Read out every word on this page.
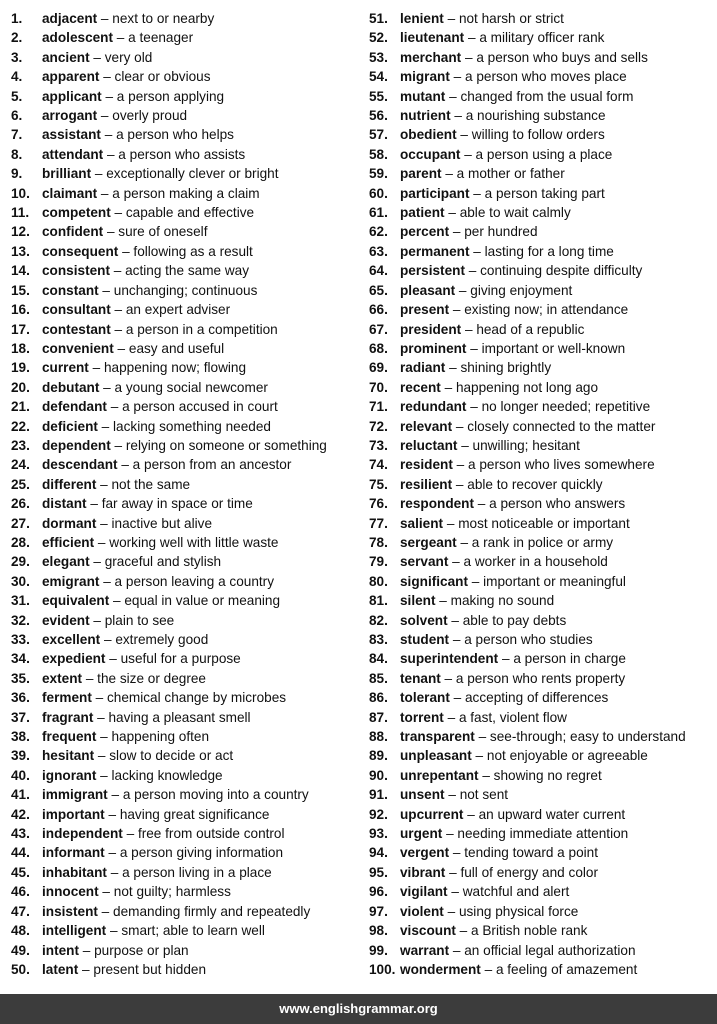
1. adjacent – next to or nearby
2. adolescent – a teenager
3. ancient – very old
4. apparent – clear or obvious
5. applicant – a person applying
6. arrogant – overly proud
7. assistant – a person who helps
8. attendant – a person who assists
9. brilliant – exceptionally clever or bright
10. claimant – a person making a claim
11. competent – capable and effective
12. confident – sure of oneself
13. consequent – following as a result
14. consistent – acting the same way
15. constant – unchanging; continuous
16. consultant – an expert adviser
17. contestant – a person in a competition
18. convenient – easy and useful
19. current – happening now; flowing
20. debutant – a young social newcomer
21. defendant – a person accused in court
22. deficient – lacking something needed
23. dependent – relying on someone or something
24. descendant – a person from an ancestor
25. different – not the same
26. distant – far away in space or time
27. dormant – inactive but alive
28. efficient – working well with little waste
29. elegant – graceful and stylish
30. emigrant – a person leaving a country
31. equivalent – equal in value or meaning
32. evident – plain to see
33. excellent – extremely good
34. expedient – useful for a purpose
35. extent – the size or degree
36. ferment – chemical change by microbes
37. fragrant – having a pleasant smell
38. frequent – happening often
39. hesitant – slow to decide or act
40. ignorant – lacking knowledge
41. immigrant – a person moving into a country
42. important – having great significance
43. independent – free from outside control
44. informant – a person giving information
45. inhabitant – a person living in a place
46. innocent – not guilty; harmless
47. insistent – demanding firmly and repeatedly
48. intelligent – smart; able to learn well
49. intent – purpose or plan
50. latent – present but hidden
51. lenient – not harsh or strict
52. lieutenant – a military officer rank
53. merchant – a person who buys and sells
54. migrant – a person who moves place
55. mutant – changed from the usual form
56. nutrient – a nourishing substance
57. obedient – willing to follow orders
58. occupant – a person using a place
59. parent – a mother or father
60. participant – a person taking part
61. patient – able to wait calmly
62. percent – per hundred
63. permanent – lasting for a long time
64. persistent – continuing despite difficulty
65. pleasant – giving enjoyment
66. present – existing now; in attendance
67. president – head of a republic
68. prominent – important or well-known
69. radiant – shining brightly
70. recent – happening not long ago
71. redundant – no longer needed; repetitive
72. relevant – closely connected to the matter
73. reluctant – unwilling; hesitant
74. resident – a person who lives somewhere
75. resilient – able to recover quickly
76. respondent – a person who answers
77. salient – most noticeable or important
78. sergeant – a rank in police or army
79. servant – a worker in a household
80. significant – important or meaningful
81. silent – making no sound
82. solvent – able to pay debts
83. student – a person who studies
84. superintendent – a person in charge
85. tenant – a person who rents property
86. tolerant – accepting of differences
87. torrent – a fast, violent flow
88. transparent – see-through; easy to understand
89. unpleasant – not enjoyable or agreeable
90. unrepentant – showing no regret
91. unsent – not sent
92. upcurrent – an upward water current
93. urgent – needing immediate attention
94. vergent – tending toward a point
95. vibrant – full of energy and color
96. vigilant – watchful and alert
97. violent – using physical force
98. viscount – a British noble rank
99. warrant – an official legal authorization
100. wonderment – a feeling of amazement
www.englishgrammar.org
